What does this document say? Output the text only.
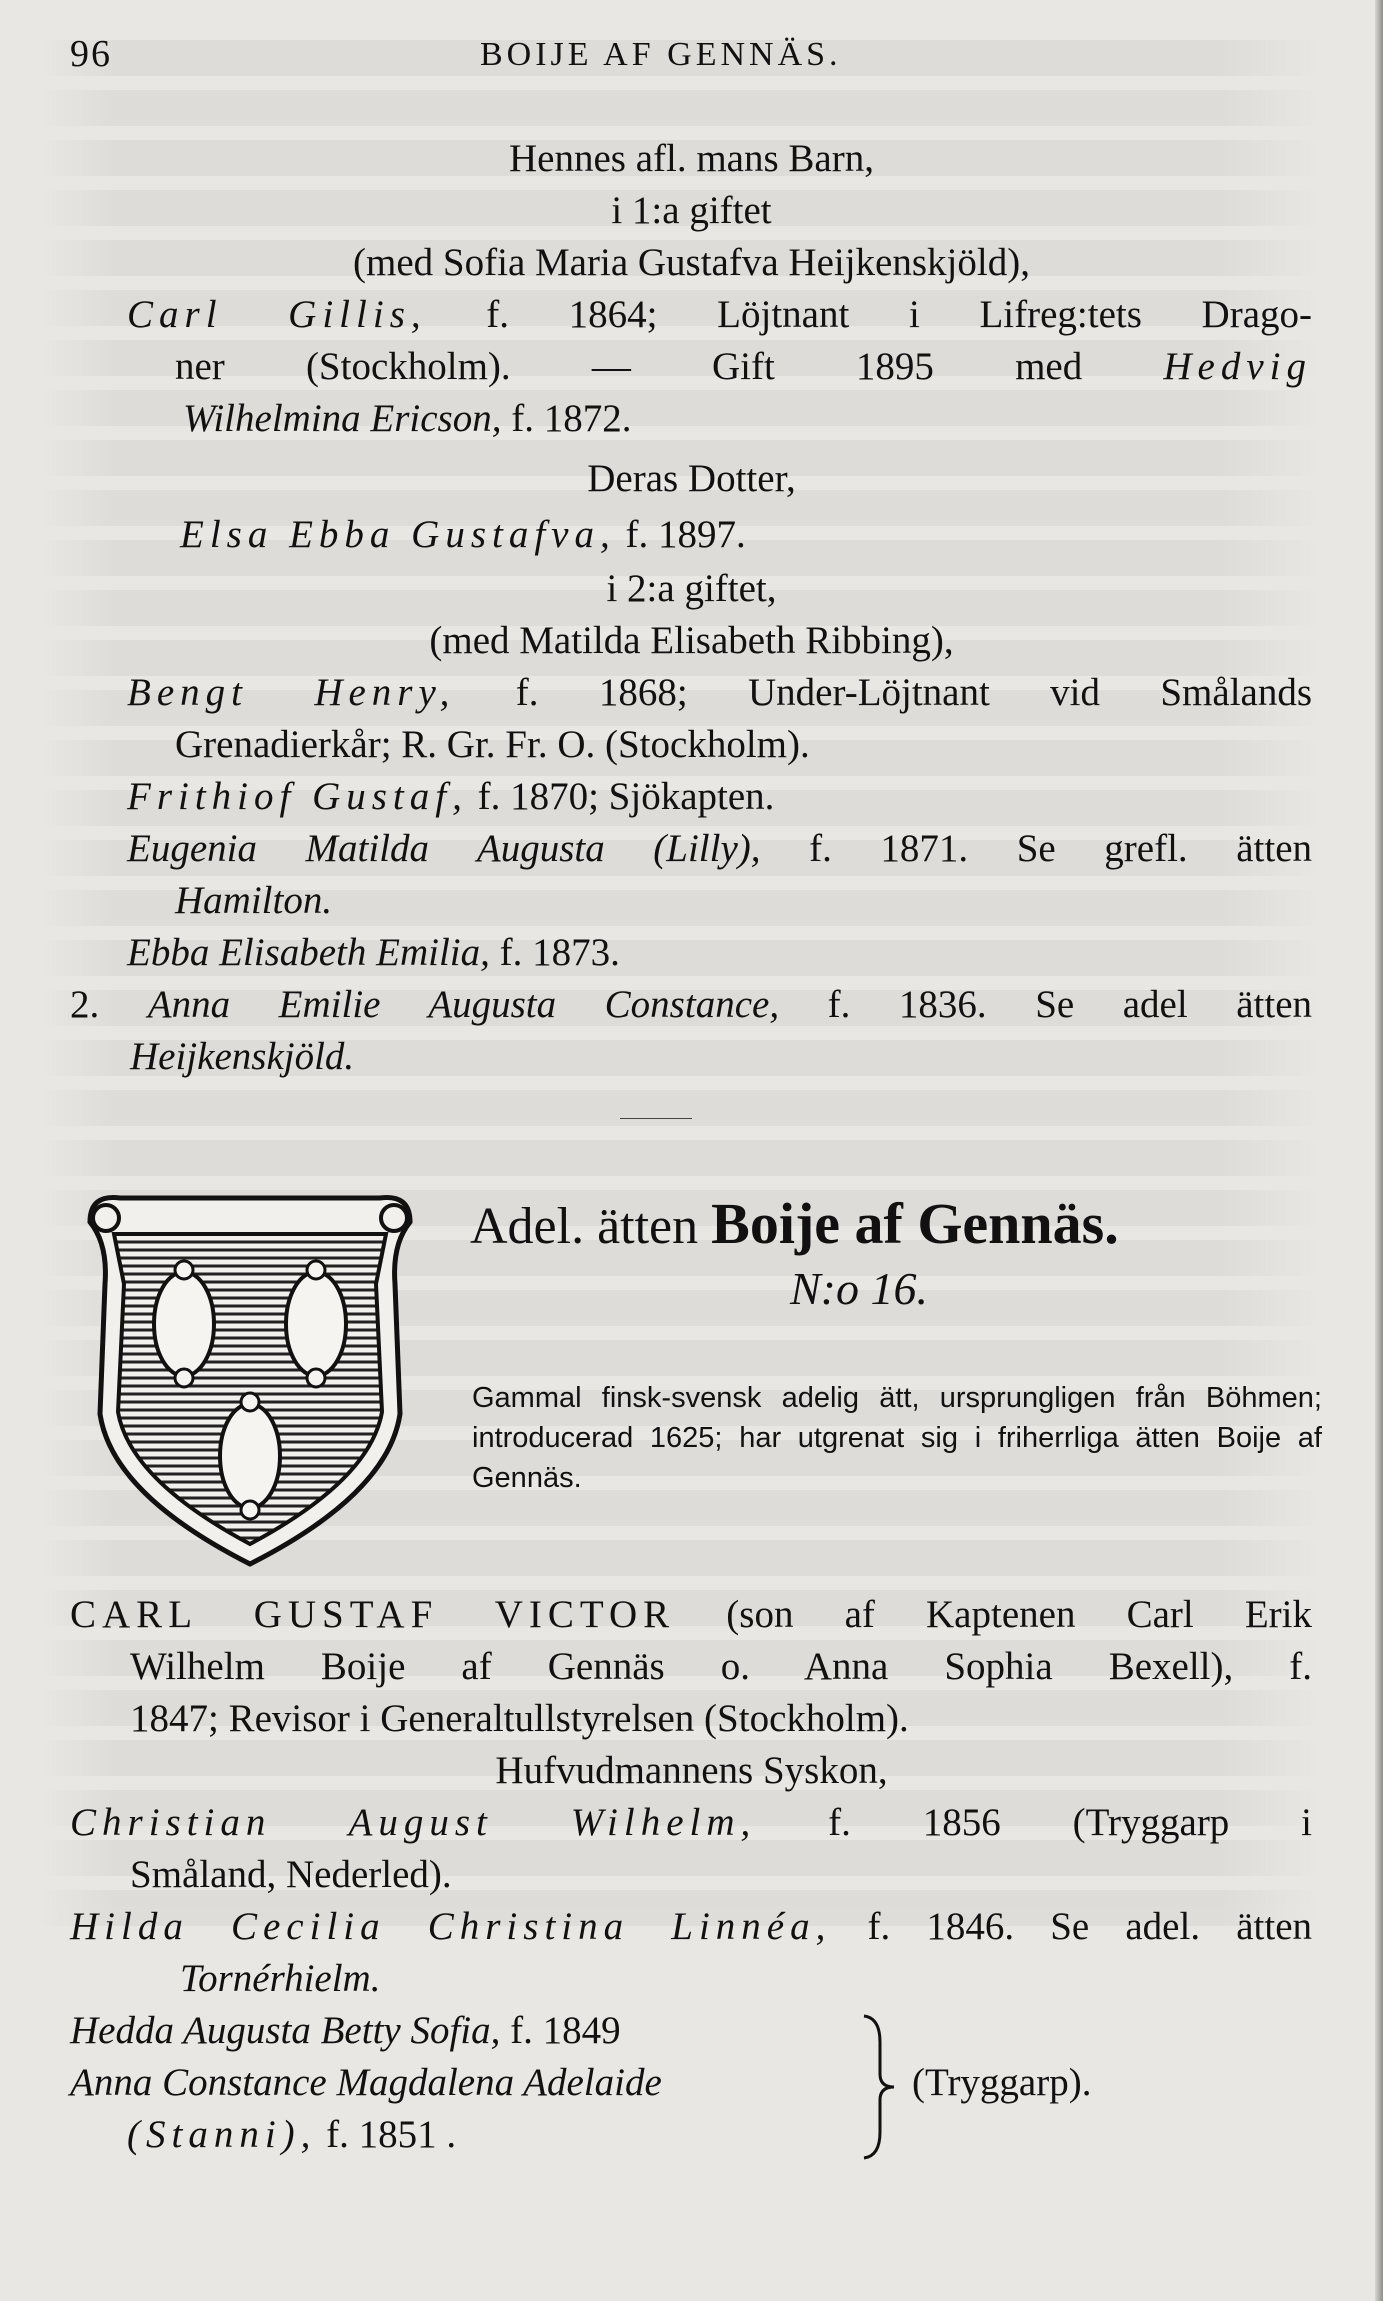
96	BOIJE AF GENNÄS.
Hennes afl. mans Barn,
i 1:a giftet
(med Sofia Maria Gustafva Heijkenskjöld),
Carl Gillis, f. 1864; Löjtnant i Lifreg:tets Drago-
ner (Stockholm). — Gift 1895 med Hedvig
Wilhelmina Ericson, f. 1872.
Deras Dotter,
Elsa Ebba Gustafva, f. 1897.
i 2:a giftet,
(med Matilda Elisabeth Ribbing),
Bengt Henry, f. 1868; Under-Löjtnant vid Smålands
Grenadierkår; R. Gr. Fr. O. (Stockholm).
Frithiof Gustaf, f. 1870; Sjökapten.
Eugenia Matilda Augusta (Lilly), f. 1871. Se grefl. ätten
Hamilton.
Ebba Elisabeth Emilia, f. 1873.
2. Anna Emilie Augusta Constance, f. 1836. Se adel ätten
Heijkenskjöld.
Adel. ätten Boije af Gennäs.
N:o 16.
Gammal finsk-svensk adelig ätt, ursprungligen från Böhmen; introducerad 1625; har utgrenat sig i friherrliga ätten Boije af Gennäs.
CARL GUSTAF VICTOR (son af Kaptenen Carl Erik
Wilhelm Boije af Gennäs o. Anna Sophia Bexell), f.
1847; Revisor i Generaltullstyrelsen (Stockholm).
Hufvudmannens Syskon,
Christian August Wilhelm, f. 1856 (Tryggarp i
Småland, Nederled).
Hilda Cecilia Christina Linnéa, f. 1846. Se adel. ätten
Tornérhielm.
Hedda Augusta Betty Sofia, f. 1849
Anna Constance Magdalena Adelaide	(Tryggarp).
(Stanni), f. 1851 .
